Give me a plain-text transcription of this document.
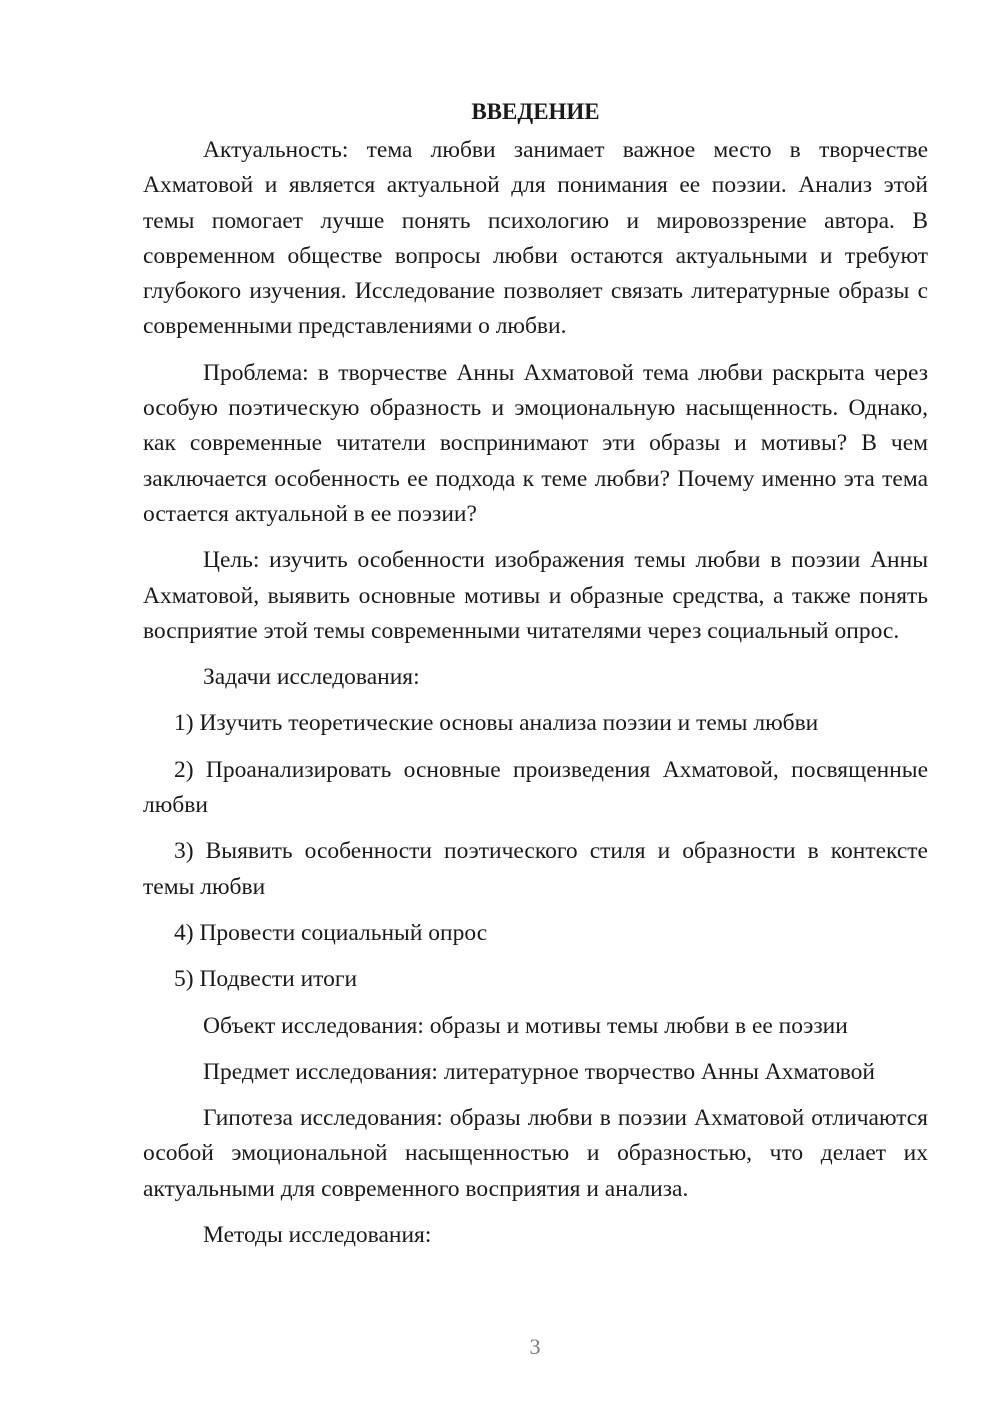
ВВЕДЕНИЕ

Актуальность: тема любви занимает важное место в творчестве Ахматовой и является актуальной для понимания ее поэзии. Анализ этой темы помогает лучше понять психологию и мировоззрение автора. В современном обществе вопросы любви остаются актуальными и требуют глубокого изучения. Исследование позволяет связать литературные образы с современными представлениями о любви.

Проблема: в творчестве Анны Ахматовой тема любви раскрыта через особую поэтическую образность и эмоциональную насыщенность. Однако, как современные читатели воспринимают эти образы и мотивы? В чем заключается особенность ее подхода к теме любви? Почему именно эта тема остается актуальной в ее поэзии?

Цель: изучить особенности изображения темы любви в поэзии Анны Ахматовой, выявить основные мотивы и образные средства, а также понять восприятие этой темы современными читателями через социальный опрос.

Задачи исследования:

1) Изучить теоретические основы анализа поэзии и темы любви

2) Проанализировать основные произведения Ахматовой, посвященные любви

3) Выявить особенности поэтического стиля и образности в контексте темы любви

4) Провести социальный опрос

5) Подвести итоги

Объект исследования: образы и мотивы темы любви в ее поэзии

Предмет исследования: литературное творчество Анны Ахматовой

Гипотеза исследования: образы любви в поэзии Ахматовой отличаются особой эмоциональной насыщенностью и образностью, что делает их актуальными для современного восприятия и анализа.

Методы исследования:

3
